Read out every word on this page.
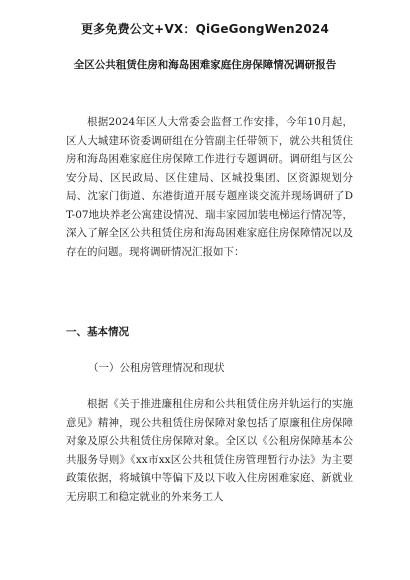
更多免费公文+VX：QiGeGongWen2024
全区公共租赁住房和海岛困难家庭住房保障情况调研报告
根据2024年区人大常委会监督工作安排，今年10月起，区人大城建环资委调研组在分管副主任带领下，就公共租赁住房和海岛困难家庭住房保障工作进行专题调研。调研组与区公安分局、区民政局、区住建局、区城投集团、区资源规划分局、沈家门街道、东港街道开展专题座谈交流并现场调研了DT-07地块养老公寓建设情况、瑞丰家园加装电梯运行情况等，深入了解全区公共租赁住房和海岛困难家庭住房保障情况以及存在的问题。现将调研情况汇报如下：
一、基本情况
（一）公租房管理情况和现状
根据《关于推进廉租住房和公共租赁住房并轨运行的实施意见》精神，现公共租赁住房保障对象包括了原廉租住房保障对象及原公共租赁住房保障对象。全区以《公租房保障基本公共服务导则》《xx市xx区公共租赁住房管理暂行办法》为主要政策依据，将城镇中等偏下及以下收入住房困难家庭、新就业无房职工和稳定就业的外来务工人
